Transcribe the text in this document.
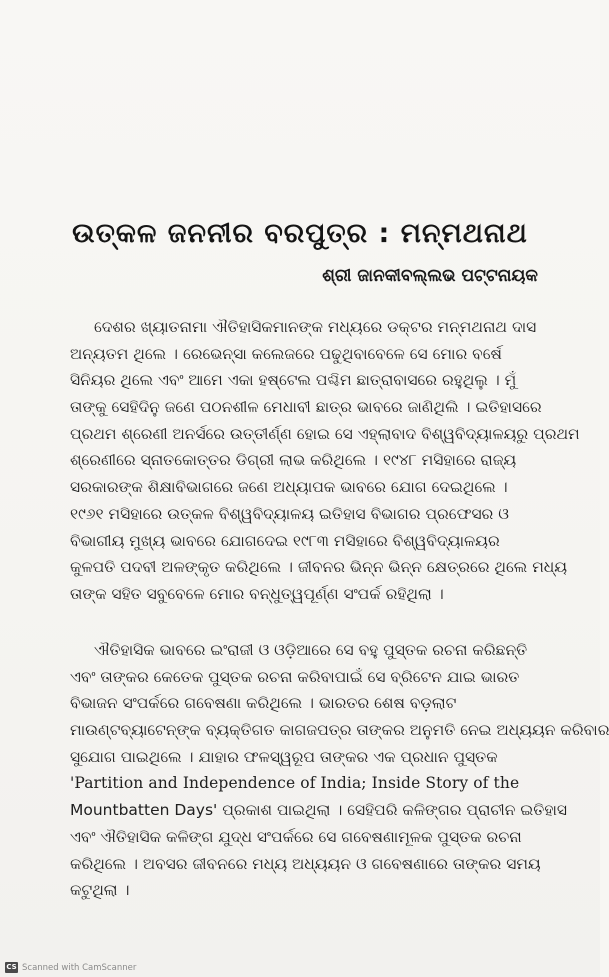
ଉତ୍କଳ ଜନନୀର ବରପୁତ୍ର : ମନ୍ମଥନାଥ
ଶ୍ରୀ ଜାନକୀବଲ୍ଲଭ ପଟ୍ଟନାୟକ
ଦେଶର ଖ୍ୟାତନାମା ଐତିହାସିକମାନଙ୍କ ମଧ୍ୟରେ ଡକ୍ଟର ମନ୍ମଥନାଥ ଦାସ
ଅନ୍ୟତମ ଥିଲେ । ରେଭେନ୍ସା କଲେଜରେ ପଢୁଥିବାବେଳେ ସେ ମୋର ବର୍ଷେ
ସିନିୟର ଥିଲେ ଏବଂ ଆମେ ଏକା ହଷ୍ଟେଲ ପଶ୍ଚିମ ଛାତ୍ରାବାସରେ ରହୁଥିଲୁ । ମୁଁ
ତାଙ୍କୁ ସେହିଦିନୁ ଜଣେ ପଠନଶୀଳ ମେଧାବୀ ଛାତ୍ର ଭାବରେ ଜାଣିଥିଲି । ଇତିହାସରେ
ପ୍ରଥମ ଶ୍ରେଣୀ ଅନର୍ସରେ ଉତ୍ତୀର୍ଣ୍ଣ ହୋଇ ସେ ଏହ୍ଲାବାଦ ବିଶ୍ୱବିଦ୍ୟାଳୟରୁ ପ୍ରଥମ
ଶ୍ରେଣୀରେ ସ୍ନାତକୋତ୍ତର ଡିଗ୍ରୀ ଲାଭ କରିଥିଲେ । ୧୯୪୮ ମସିହାରେ ରାଜ୍ୟ
ସରକାରଙ୍କ ଶିକ୍ଷାବିଭାଗରେ ଜଣେ ଅଧ୍ୟାପକ ଭାବରେ ଯୋଗ ଦେଇଥିଲେ ।
୧୯୬୧ ମସିହାରେ ଉତ୍କଳ ବିଶ୍ୱବିଦ୍ୟାଳୟ ଇତିହାସ ବିଭାଗର ପ୍ରଫେସର ଓ
ବିଭାଗୀୟ ମୁଖ୍ୟ ଭାବରେ ଯୋଗଦେଇ ୧୯୮୩ ମସିହାରେ ବିଶ୍ୱବିଦ୍ୟାଳୟର
କୁଳପତି ପଦବୀ ଅଳଙ୍କୃତ କରିଥିଲେ । ଜୀବନର ଭିନ୍ନ ଭିନ୍ନ କ୍ଷେତ୍ରରେ ଥିଲେ ମଧ୍ୟ
ତାଙ୍କ ସହିତ ସବୁବେଳେ ମୋର ବନ୍ଧୁତ୍ୱପୂର୍ଣ୍ଣ ସଂପର୍କ ରହିଥିଲା ।
ଐତିହାସିକ ଭାବରେ ଇଂରାଜୀ ଓ ଓଡ଼ିଆରେ ସେ ବହୁ ପୁସ୍ତକ ରଚନା କରିଛନ୍ତି
ଏବଂ ତାଙ୍କର କେତେକ ପୁସ୍ତକ ରଚନା କରିବାପାଇଁ ସେ ବ୍ରିଟେନ ଯାଇ ଭାରତ
ବିଭାଜନ ସଂପର୍କରେ ଗବେଷଣା କରିଥିଲେ । ଭାରତର ଶେଷ ବଡ଼ଲାଟ
ମାଉଣ୍ଟବ୍ୟାଟେନ୍‌ଙ୍କ ବ୍ୟକ୍ତିଗତ କାଗଜପତ୍ର ତାଙ୍କର ଅନୁମତି ନେଇ ଅଧ୍ୟୟନ କରିବାର
ସୁଯୋଗ ପାଇଥିଲେ । ଯାହାର ଫଳସ୍ୱରୂପ ତାଙ୍କର ଏକ ପ୍ରଧାନ ପୁସ୍ତକ
'Partition and Independence of India; Inside Story of the
Mountbatten Days' ପ୍ରକାଶ ପାଇଥିଲା । ସେହିପରି କଳିଙ୍ଗର ପ୍ରାଚୀନ ଇତିହାସ
ଏବଂ ଐତିହାସିକ କଳିଙ୍ଗ ଯୁଦ୍ଧ ସଂପର୍କରେ ସେ ଗବେଷଣାମୂଳକ ପୁସ୍ତକ ରଚନା
କରିଥିଲେ । ଅବସର ଜୀବନରେ ମଧ୍ୟ ଅଧ୍ୟୟନ ଓ ଗବେଷଣାରେ ତାଙ୍କର ସମୟ
କଟୁଥିଲା ।
CS Scanned with CamScanner
